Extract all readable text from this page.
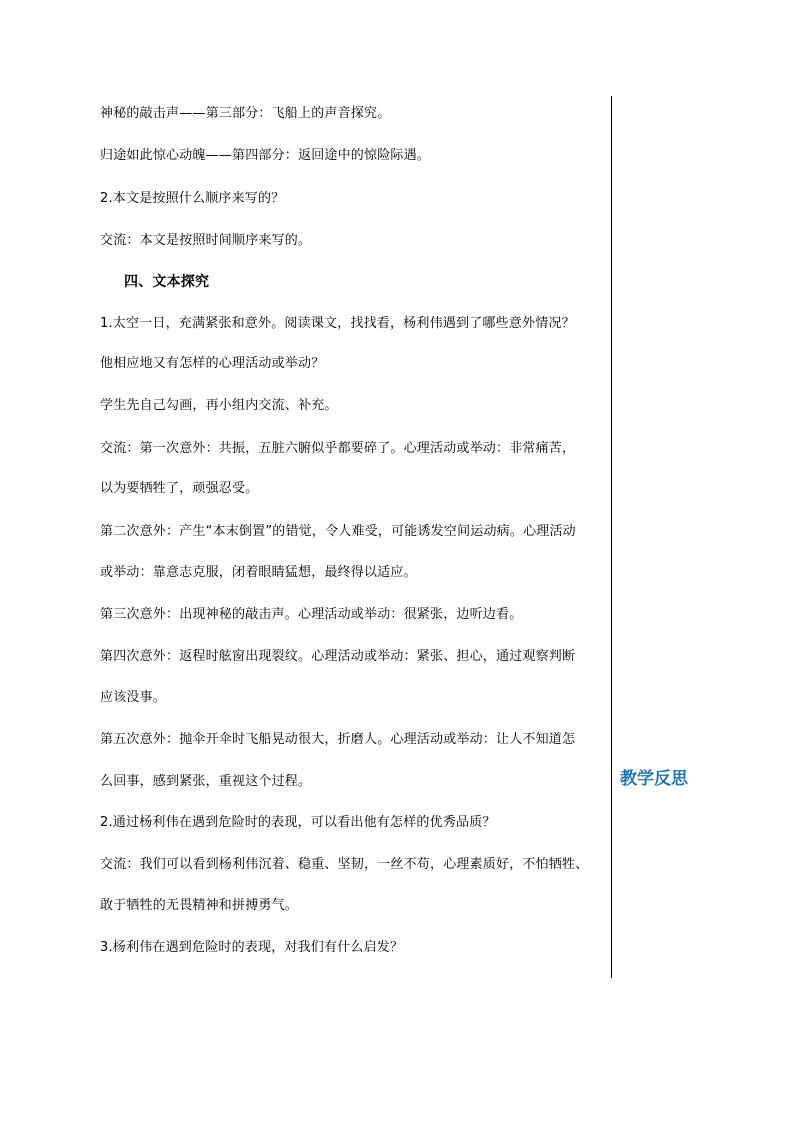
神秘的敲击声——第三部分：飞船上的声音探究。
归途如此惊心动魄——第四部分：返回途中的惊险际遇。
2.本文是按照什么顺序来写的？
交流：本文是按照时间顺序来写的。
四、文本探究
1.太空一日，充满紧张和意外。阅读课文，找找看，杨利伟遇到了哪些意外情况？
他相应地又有怎样的心理活动或举动？
学生先自己勾画，再小组内交流、补充。
交流：第一次意外：共振，五脏六腑似乎都要碎了。心理活动或举动：非常痛苦，
以为要牺牲了，顽强忍受。
第二次意外：产生“本末倒置”的错觉，令人难受，可能诱发空间运动病。心理活动
或举动：靠意志克服，闭着眼睛猛想，最终得以适应。
第三次意外：出现神秘的敲击声。心理活动或举动：很紧张，边听边看。
第四次意外：返程时舷窗出现裂纹。心理活动或举动：紧张、担心，通过观察判断
应该没事。
第五次意外：抛伞开伞时飞船晃动很大，折磨人。心理活动或举动：让人不知道怎
么回事，感到紧张，重视这个过程。
2.通过杨利伟在遇到危险时的表现，可以看出他有怎样的优秀品质？
交流：我们可以看到杨利伟沉着、稳重、坚韧，一丝不苟，心理素质好，不怕牺牲、
敢于牺牲的无畏精神和拼搏勇气。
3.杨利伟在遇到危险时的表现，对我们有什么启发？
教学反思
